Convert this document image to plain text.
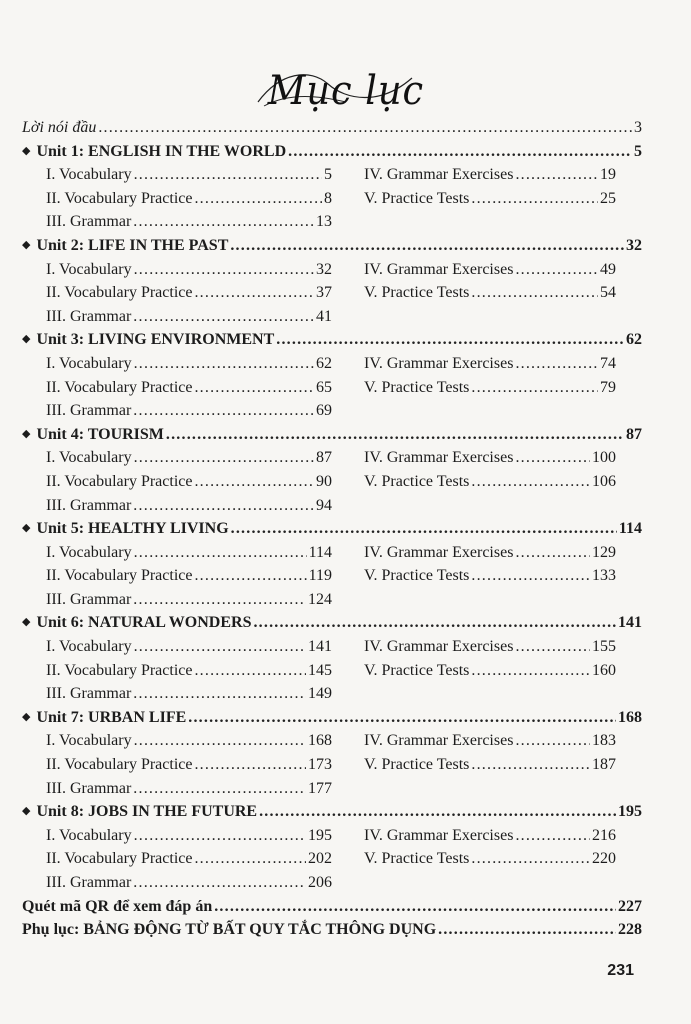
Mục lục
Lời nói đầu .....	3
◆ Unit 1: ENGLISH IN THE WORLD .....	5
I. Vocabulary .....	5
II. Vocabulary Practice .....	8
III. Grammar .....	13
IV. Grammar Exercises .....	19
V. Practice Tests .....	25
◆ Unit 2: LIFE IN THE PAST .....	32
I. Vocabulary .....	32
II. Vocabulary Practice .....	37
III. Grammar .....	41
IV. Grammar Exercises .....	49
V. Practice Tests .....	54
◆ Unit 3: LIVING ENVIRONMENT .....	62
I. Vocabulary .....	62
II. Vocabulary Practice .....	65
III. Grammar .....	69
IV. Grammar Exercises .....	74
V. Practice Tests .....	79
◆ Unit 4: TOURISM .....	87
I. Vocabulary .....	87
II. Vocabulary Practice .....	90
III. Grammar .....	94
IV. Grammar Exercises .....	100
V. Practice Tests .....	106
◆ Unit 5: HEALTHY LIVING .....	114
I. Vocabulary .....	114
II. Vocabulary Practice .....	119
III. Grammar .....	124
IV. Grammar Exercises .....	129
V. Practice Tests .....	133
◆ Unit 6: NATURAL WONDERS .....	141
I. Vocabulary .....	141
II. Vocabulary Practice .....	145
III. Grammar .....	149
IV. Grammar Exercises .....	155
V. Practice Tests .....	160
◆ Unit 7: URBAN LIFE .....	168
I. Vocabulary .....	168
II. Vocabulary Practice .....	173
III. Grammar .....	177
IV. Grammar Exercises .....	183
V. Practice Tests .....	187
◆ Unit 8: JOBS IN THE FUTURE .....	195
I. Vocabulary .....	195
II. Vocabulary Practice .....	202
III. Grammar .....	206
IV. Grammar Exercises .....	216
V. Practice Tests .....	220
Quét mã QR để xem đáp án .....	227
Phụ lục: BẢNG ĐỘNG TỪ BẤT QUY TẮC THÔNG DỤNG .....	228
231
